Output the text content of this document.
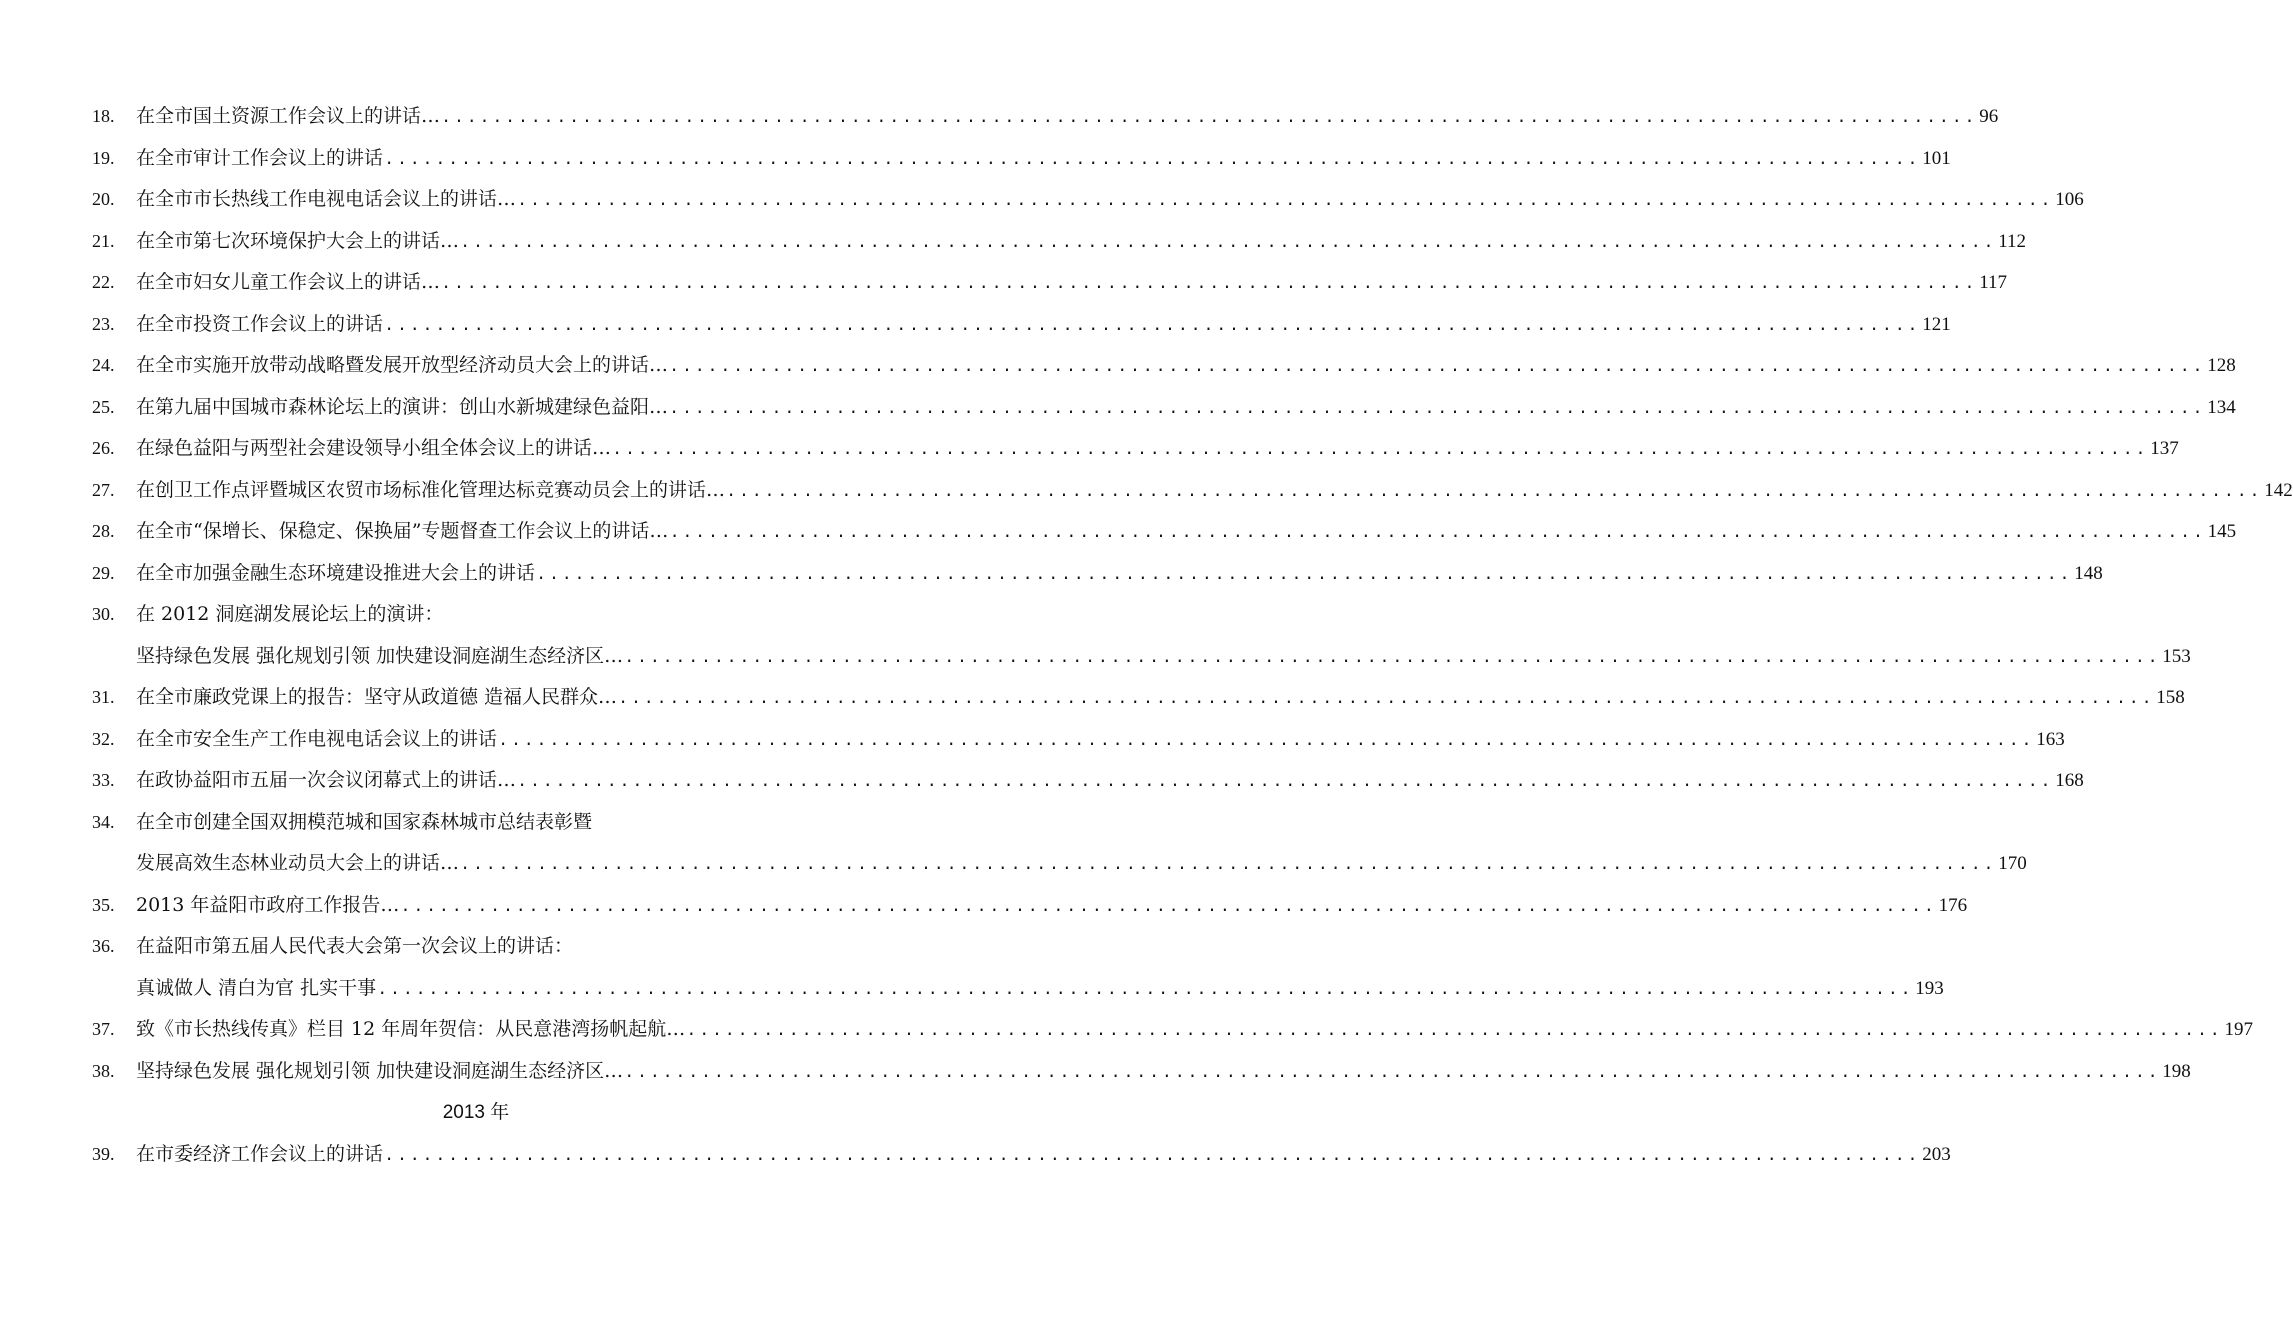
18.	在全市国土资源工作会议上的讲话… ........................................................................................................................ 96
19.	在全市审计工作会议上的讲话 ........................................................................................................................ 101
20.	在全市市长热线工作电视电话会议上的讲话… ........................................................................................................................ 106
21.	在全市第七次环境保护大会上的讲话… ........................................................................................................................ 112
22.	在全市妇女儿童工作会议上的讲话… ........................................................................................................................ 117
23.	在全市投资工作会议上的讲话 ........................................................................................................................ 121
24.	在全市实施开放带动战略暨发展开放型经济动员大会上的讲话… ........................................................................................................................ 128
25.	在第九届中国城市森林论坛上的演讲：创山水新城建绿色益阳… ........................................................................................................................ 134
26.	在绿色益阳与两型社会建设领导小组全体会议上的讲话… ........................................................................................................................ 137
27.	在创卫工作点评暨城区农贸市场标准化管理达标竞赛动员会上的讲话… ........................................................................................................................ 142
28.	在全市“保增长、保稳定、保换届”专题督查工作会议上的讲话… ........................................................................................................................ 145
29.	在全市加强金融生态环境建设推进大会上的讲话 ........................................................................................................................ 148
30.	在 2012 洞庭湖发展论坛上的演讲：
坚持绿色发展 强化规划引领 加快建设洞庭湖生态经济区… ........................................................................................................................ 153
31.	在全市廉政党课上的报告：坚守从政道德 造福人民群众… ........................................................................................................................ 158
32.	在全市安全生产工作电视电话会议上的讲话 ........................................................................................................................ 163
33.	在政协益阳市五届一次会议闭幕式上的讲话… ........................................................................................................................ 168
34.	在全市创建全国双拥模范城和国家森林城市总结表彰暨
发展高效生态林业动员大会上的讲话… ........................................................................................................................ 170
35.	2013 年益阳市政府工作报告… ........................................................................................................................ 176
36.	在益阳市第五届人民代表大会第一次会议上的讲话：
真诚做人 清白为官 扎实干事 ........................................................................................................................ 193
37.	致《市长热线传真》栏目 12 年周年贺信：从民意港湾扬帆起航… ........................................................................................................................ 197
38.	坚持绿色发展 强化规划引领 加快建设洞庭湖生态经济区… ........................................................................................................................ 198
2013 年
39.	在市委经济工作会议上的讲话 ........................................................................................................................ 203
